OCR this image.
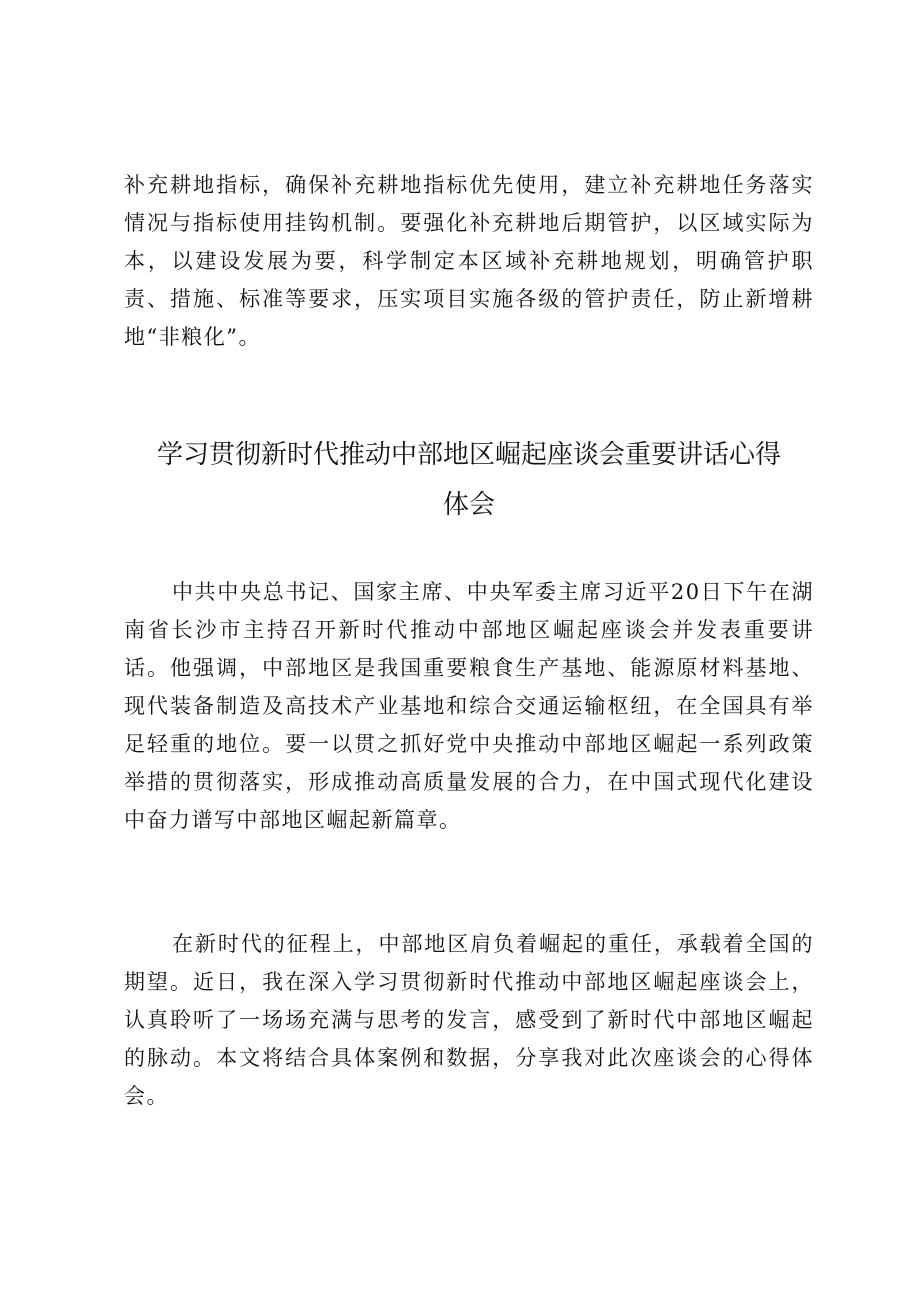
补充耕地指标，确保补充耕地指标优先使用，建立补充耕地任务落实情况与指标使用挂钩机制。要强化补充耕地后期管护，以区域实际为本，以建设发展为要，科学制定本区域补充耕地规划，明确管护职责、措施、标准等要求，压实项目实施各级的管护责任，防止新增耕地“非粮化”。

学习贯彻新时代推动中部地区崛起座谈会重要讲话心得
体会

中共中央总书记、国家主席、中央军委主席习近平20日下午在湖南省长沙市主持召开新时代推动中部地区崛起座谈会并发表重要讲话。他强调，中部地区是我国重要粮食生产基地、能源原材料基地、现代装备制造及高技术产业基地和综合交通运输枢纽，在全国具有举足轻重的地位。要一以贯之抓好党中央推动中部地区崛起一系列政策举措的贯彻落实，形成推动高质量发展的合力，在中国式现代化建设中奋力谱写中部地区崛起新篇章。

在新时代的征程上，中部地区肩负着崛起的重任，承载着全国的期望。近日，我在深入学习贯彻新时代推动中部地区崛起座谈会上，认真聆听了一场场充满与思考的发言，感受到了新时代中部地区崛起的脉动。本文将结合具体案例和数据，分享我对此次座谈会的心得体会。
